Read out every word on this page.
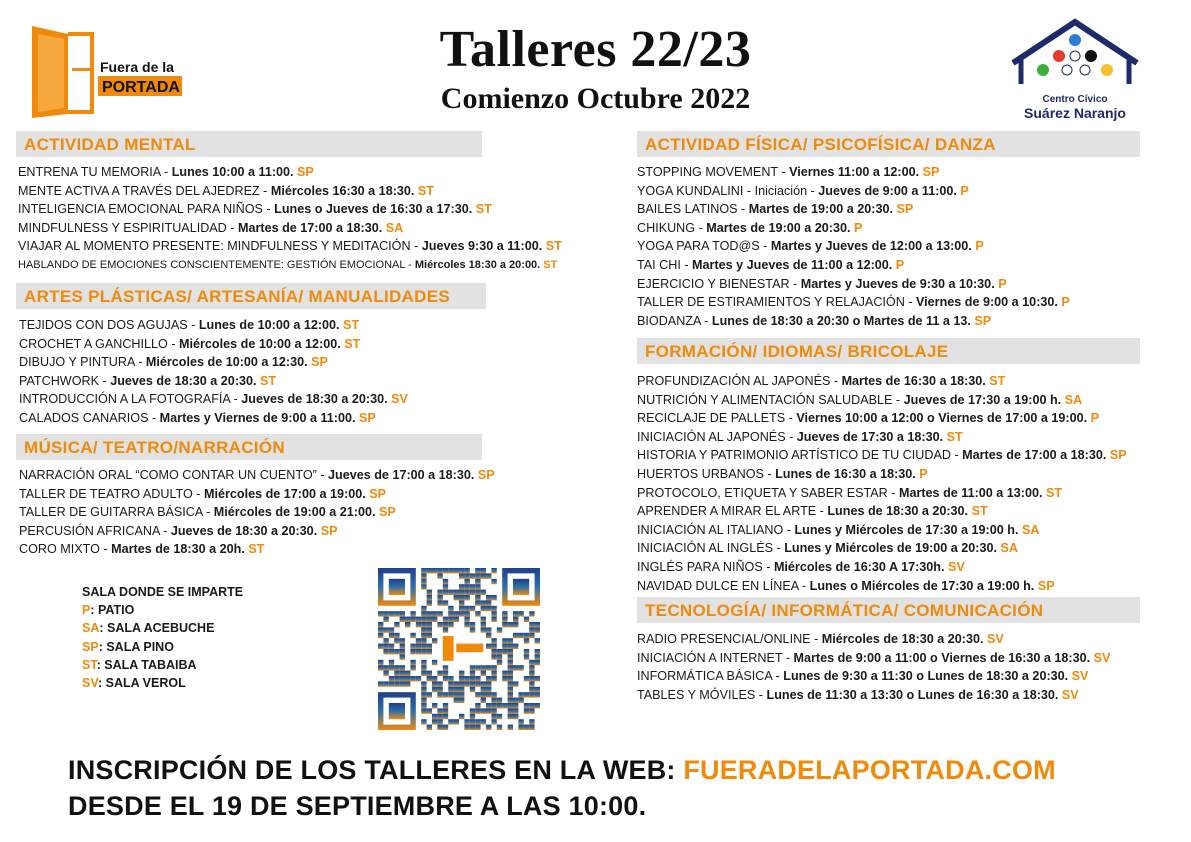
Talleres 22/23
Comienzo Octubre 2022
Fuera de la
PORTADA
Centro Cívico
Suárez Naranjo
ACTIVIDAD MENTAL
ENTRENA TU MEMORIA - Lunes 10:00 a 11:00. SP
MENTE ACTIVA A TRAVÉS DEL AJEDREZ - Miércoles 16:30 a 18:30. ST
INTELIGENCIA EMOCIONAL PARA NIÑOS - Lunes o Jueves de 16:30 a 17:30. ST
MINDFULNESS Y ESPIRITUALIDAD - Martes de 17:00 a 18:30. SA
VIAJAR AL MOMENTO PRESENTE: MINDFULNESS Y MEDITACIÓN - Jueves 9:30 a 11:00. ST
HABLANDO DE EMOCIONES CONSCIENTEMENTE: GESTIÓN EMOCIONAL - Miércoles 18:30 a 20:00. ST
ARTES PLÁSTICAS/ ARTESANÍA/ MANUALIDADES
TEJIDOS CON DOS AGUJAS - Lunes de 10:00 a 12:00. ST
CROCHET A GANCHILLO - Miércoles de 10:00 a 12:00. ST
DIBUJO Y PINTURA - Miércoles de 10:00 a 12:30. SP
PATCHWORK - Jueves de 18:30 a 20:30. ST
INTRODUCCIÓN A LA FOTOGRAFÍA - Jueves de 18:30 a 20:30. SV
CALADOS CANARIOS - Martes y Viernes de 9:00 a 11:00. SP
MÚSICA/ TEATRO/NARRACIÓN
NARRACIÓN ORAL “COMO CONTAR UN CUENTO” - Jueves de 17:00 a 18:30. SP
TALLER DE TEATRO ADULTO - Miércoles de 17:00 a 19:00. SP
TALLER DE GUITARRA BÁSICA - Miércoles de 19:00 a 21:00. SP
PERCUSIÓN AFRICANA - Jueves de 18:30 a 20:30. SP
CORO MIXTO - Martes de 18:30 a 20h. ST
ACTIVIDAD FÍSICA/ PSICOFÍSICA/ DANZA
STOPPING MOVEMENT - Viernes 11:00 a 12:00. SP
YOGA KUNDALINI - Iniciación - Jueves de 9:00 a 11:00. P
BAILES LATINOS - Martes de 19:00 a 20:30. SP
CHIKUNG - Martes de 19:00 a 20:30. P
YOGA PARA TOD@S - Martes y Jueves de 12:00 a 13:00. P
TAI CHI - Martes y Jueves de 11:00 a 12:00. P
EJERCICIO Y BIENESTAR - Martes y Jueves de 9:30 a 10:30. P
TALLER DE ESTIRAMIENTOS Y RELAJACIÓN - Viernes de 9:00 a 10:30. P
BIODANZA - Lunes de 18:30 a 20:30 o Martes de 11 a 13. SP
FORMACIÓN/ IDIOMAS/ BRICOLAJE
PROFUNDIZACIÓN AL JAPONÉS - Martes de 16:30 a 18:30. ST
NUTRICIÓN Y ALIMENTACIÓN SALUDABLE - Jueves de 17:30 a 19:00 h. SA
RECICLAJE DE PALLETS - Viernes 10:00 a 12:00 o Viernes de 17:00 a 19:00. P
INICIACIÓN AL JAPONÉS - Jueves de 17:30 a 18:30. ST
HISTORIA Y PATRIMONIO ARTÍSTICO DE TU CIUDAD - Martes de 17:00 a 18:30. SP
HUERTOS URBANOS - Lunes de 16:30 a 18:30. P
PROTOCOLO, ETIQUETA Y SABER ESTAR - Martes de 11:00 a 13:00. ST
APRENDER A MIRAR EL ARTE - Lunes de 18:30 a 20:30. ST
INICIACIÓN AL ITALIANO - Lunes y Miércoles de 17:30 a 19:00 h. SA
INICIACIÓN AL INGLÉS - Lunes y Miércoles de 19:00 a 20:30. SA
INGLÉS PARA NIÑOS - Miércoles de 16:30 A 17:30h. SV
NAVIDAD DULCE EN LÍNEA - Lunes o Miércoles de 17:30 a 19:00 h. SP
TECNOLOGÍA/ INFORMÁTICA/ COMUNICACIÓN
RADIO PRESENCIAL/ONLINE - Miércoles de 18:30 a 20:30. SV
INICIACIÓN A INTERNET - Martes de 9:00 a 11:00 o Viernes de 16:30 a 18:30. SV
INFORMÁTICA BÁSICA - Lunes de 9:30 a 11:30 o Lunes de 18:30 a 20:30. SV
TABLES Y MÓVILES - Lunes de 11:30 a 13:30 o Lunes de 16:30 a 18:30. SV
SALA DONDE SE IMPARTE
P: PATIO
SA: SALA ACEBUCHE
SP: SALA PINO
ST: SALA TABAIBA
SV: SALA VEROL
INSCRIPCIÓN DE LOS TALLERES EN LA WEB: FUERADELAPORTADA.COM
DESDE EL 19 DE SEPTIEMBRE A LAS 10:00.
